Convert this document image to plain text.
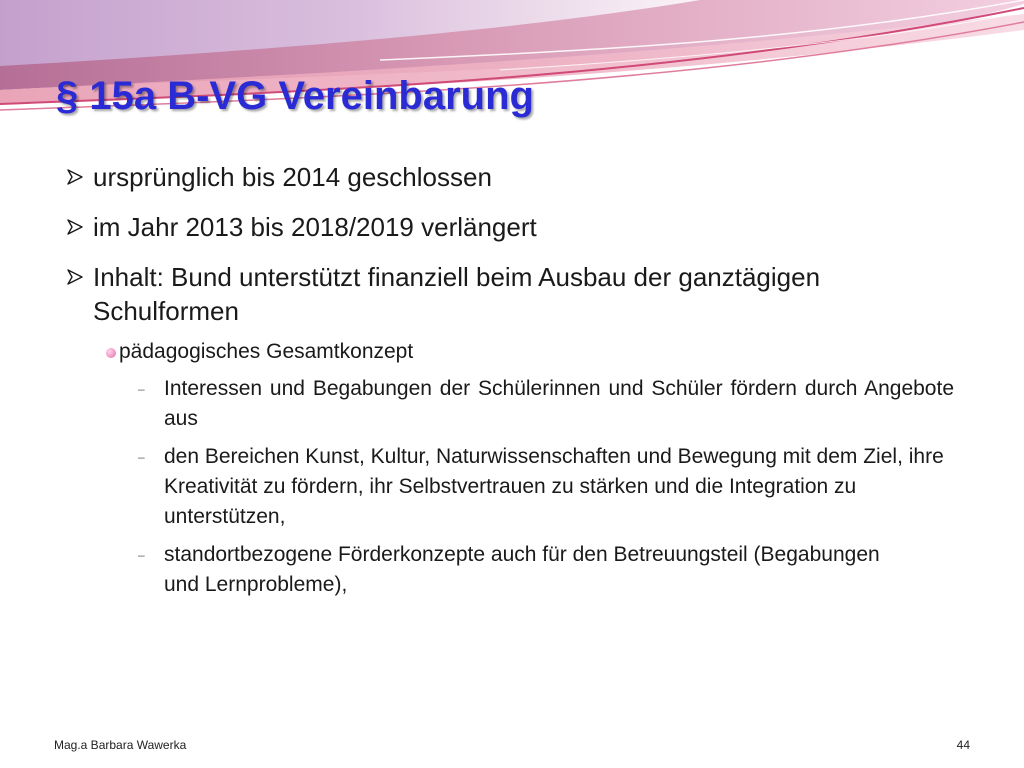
§ 15a B-VG Vereinbarung
ursprünglich bis 2014 geschlossen
im Jahr 2013 bis 2018/2019 verlängert
Inhalt: Bund unterstützt finanziell beim Ausbau der ganztägigen Schulformen
pädagogisches Gesamtkonzept
– Interessen und Begabungen der Schülerinnen und Schüler fördern durch Angebote aus
– den Bereichen Kunst, Kultur, Naturwissenschaften und Bewegung mit dem Ziel, ihre Kreativität zu fördern, ihr Selbstvertrauen zu stärken und die Integration zu unterstützen,
– standortbezogene Förderkonzepte auch für den Betreuungsteil (Begabungen und Lernprobleme),
Mag.a Barbara Wawerka	44
